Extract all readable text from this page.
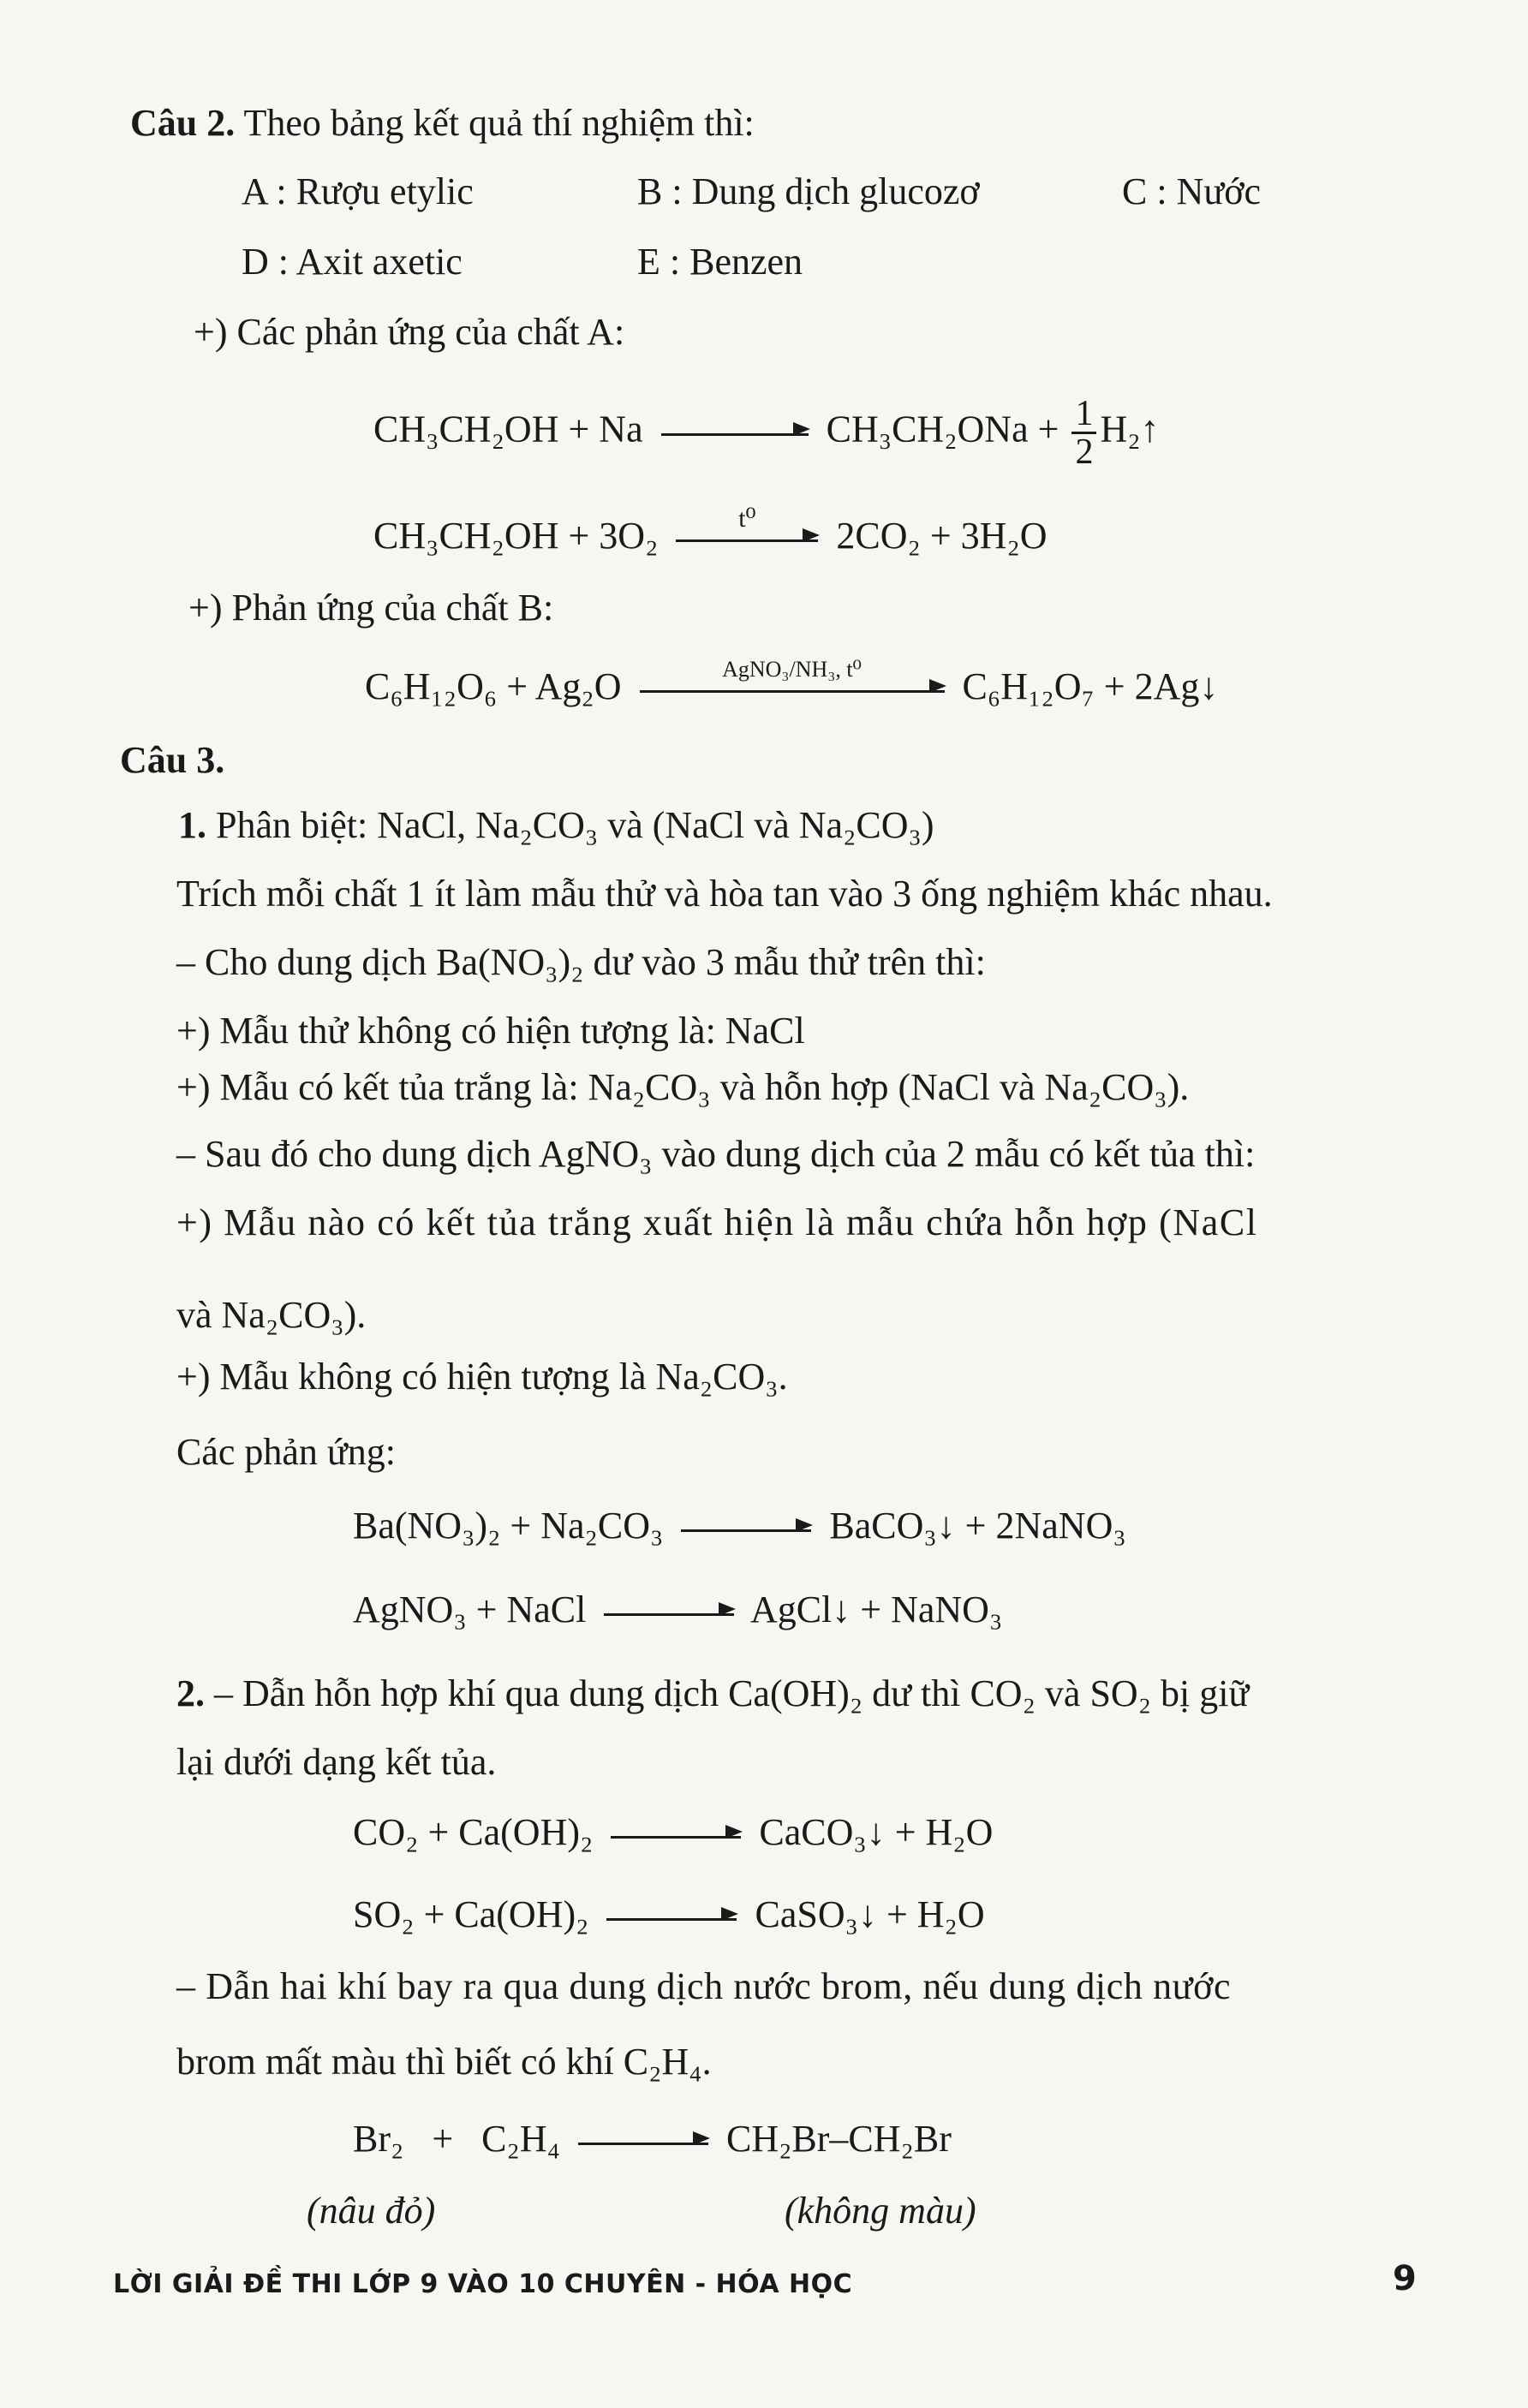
Câu 2. Theo bảng kết quả thí nghiệm thì:
A : Rượu etylic	B : Dung dịch glucozơ	C : Nước
D : Axit axetic	E : Benzen
+) Các phản ứng của chất A:
CH₃CH₂OH + Na	$CH_3CH_2ONa + \frac{1}{2}$ H₂↑
CH₃CH₂OH + 3O₂	t⁰	2CO₂ + 3H₂O
+) Phản ứng của chất B:
C₆H₁₂O₆ + Ag₂O	AgNO₃/NH₃, t⁰	C₆H₁₂O₇ + 2Ag↓
Câu 3.
1. Phân biệt: NaCl, Na₂CO₃ và (NaCl và Na₂CO₃)
Trích mỗi chất 1 ít làm mẫu thử và hòa tan vào 3 ống nghiệm khác nhau.
– Cho dung dịch Ba(NO₃)₂ dư vào 3 mẫu thử trên thì:
+) Mẫu thử không có hiện tượng là: NaCl
+) Mẫu có kết tủa trắng là: Na₂CO₃ và hỗn hợp (NaCl và Na₂CO₃).
– Sau đó cho dung dịch AgNO₃ vào dung dịch của 2 mẫu có kết tủa thì:
+) Mẫu nào có kết tủa trắng xuất hiện là mẫu chứa hỗn hợp (NaCl
và Na₂CO₃).
+) Mẫu không có hiện tượng là Na₂CO₃.
Các phản ứng:
Ba(NO₃)₂ + Na₂CO₃	BaCO₃↓ + 2NaNO₃
AgNO₃ + NaCl	AgCl↓ + NaNO₃
2. – Dẫn hỗn hợp khí qua dung dịch Ca(OH)₂ dư thì CO₂ và SO₂ bị giữ
lại dưới dạng kết tủa.
CO₂ + Ca(OH)₂	CaCO₃↓ + H₂O
SO₂ + Ca(OH)₂	CaSO₃↓ + H₂O
– Dẫn hai khí bay ra qua dung dịch nước brom, nếu dung dịch nước
brom mất màu thì biết có khí C₂H₄.
Br₂   +   C₂H₄	CH₂Br–CH₂Br
(nâu đỏ)	(không màu)
LỜI GIẢI ĐỀ THI LỚP 9 VÀO 10 CHUYÊN - HÓA HỌC	9
